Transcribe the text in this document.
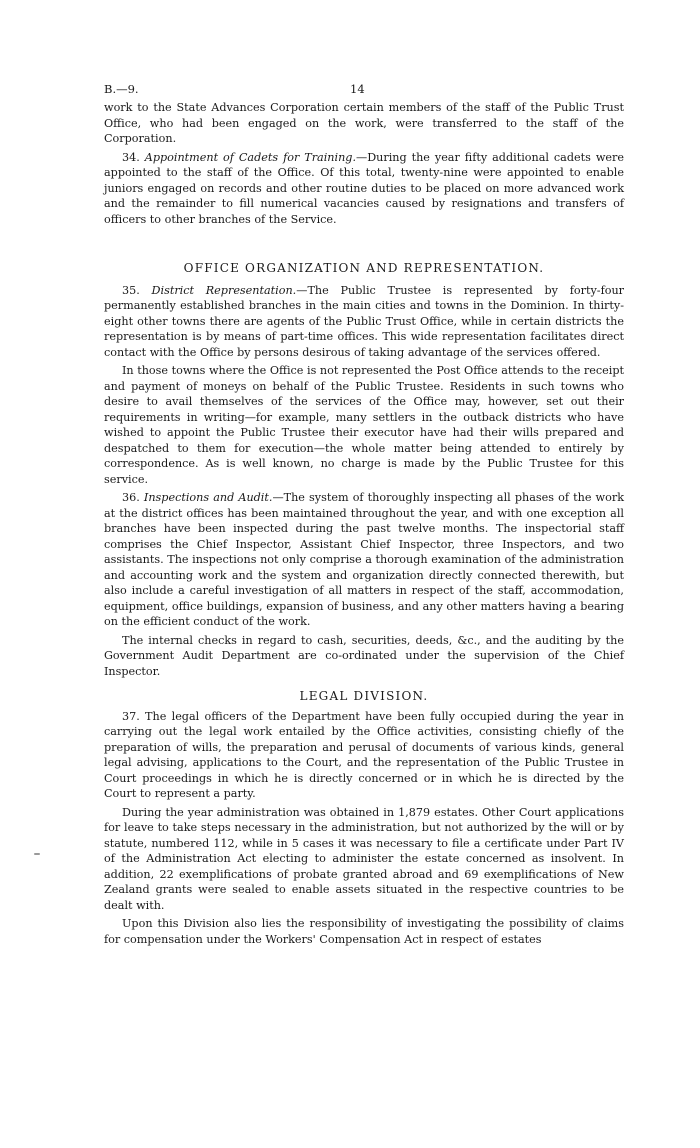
B.—9.	14

work to the State Advances Corporation certain members of the staff of the Public Trust Office, who had been engaged on the work, were transferred to the staff of the Corporation.

34. Appointment of Cadets for Training.—During the year fifty additional cadets were appointed to the staff of the Office. Of this total, twenty-nine were appointed to enable juniors engaged on records and other routine duties to be placed on more advanced work and the remainder to fill numerical vacancies caused by resignations and transfers of officers to other branches of the Service.

OFFICE ORGANIZATION AND REPRESENTATION.

35. District Representation.—The Public Trustee is represented by forty-four permanently established branches in the main cities and towns in the Dominion. In thirty-eight other towns there are agents of the Public Trust Office, while in certain districts the representation is by means of part-time offices. This wide representation facilitates direct contact with the Office by persons desirous of taking advantage of the services offered.

In those towns where the Office is not represented the Post Office attends to the receipt and payment of moneys on behalf of the Public Trustee. Residents in such towns who desire to avail themselves of the services of the Office may, however, set out their requirements in writing—for example, many settlers in the outback districts who have wished to appoint the Public Trustee their executor have had their wills prepared and despatched to them for execution—the whole matter being attended to entirely by correspondence. As is well known, no charge is made by the Public Trustee for this service.

36. Inspections and Audit.—The system of thoroughly inspecting all phases of the work at the district offices has been maintained throughout the year, and with one exception all branches have been inspected during the past twelve months. The inspectorial staff comprises the Chief Inspector, Assistant Chief Inspector, three Inspectors, and two assistants. The inspections not only comprise a thorough examination of the administration and accounting work and the system and organization directly connected therewith, but also include a careful investigation of all matters in respect of the staff, accommodation, equipment, office buildings, expansion of business, and any other matters having a bearing on the efficient conduct of the work.

The internal checks in regard to cash, securities, deeds, &c., and the auditing by the Government Audit Department are co-ordinated under the supervision of the Chief Inspector.

LEGAL DIVISION.

37. The legal officers of the Department have been fully occupied during the year in carrying out the legal work entailed by the Office activities, consisting chiefly of the preparation of wills, the preparation and perusal of documents of various kinds, general legal advising, applications to the Court, and the representation of the Public Trustee in Court proceedings in which he is directly concerned or in which he is directed by the Court to represent a party.

During the year administration was obtained in 1,879 estates. Other Court applications for leave to take steps necessary in the administration, but not authorized by the will or by statute, numbered 112, while in 5 cases it was necessary to file a certificate under Part IV of the Administration Act electing to administer the estate concerned as insolvent. In addition, 22 exemplifications of probate granted abroad and 69 exemplifications of New Zealand grants were sealed to enable assets situated in the respective countries to be dealt with.

Upon this Division also lies the responsibility of investigating the possibility of claims for compensation under the Workers' Compensation Act in respect of estates
